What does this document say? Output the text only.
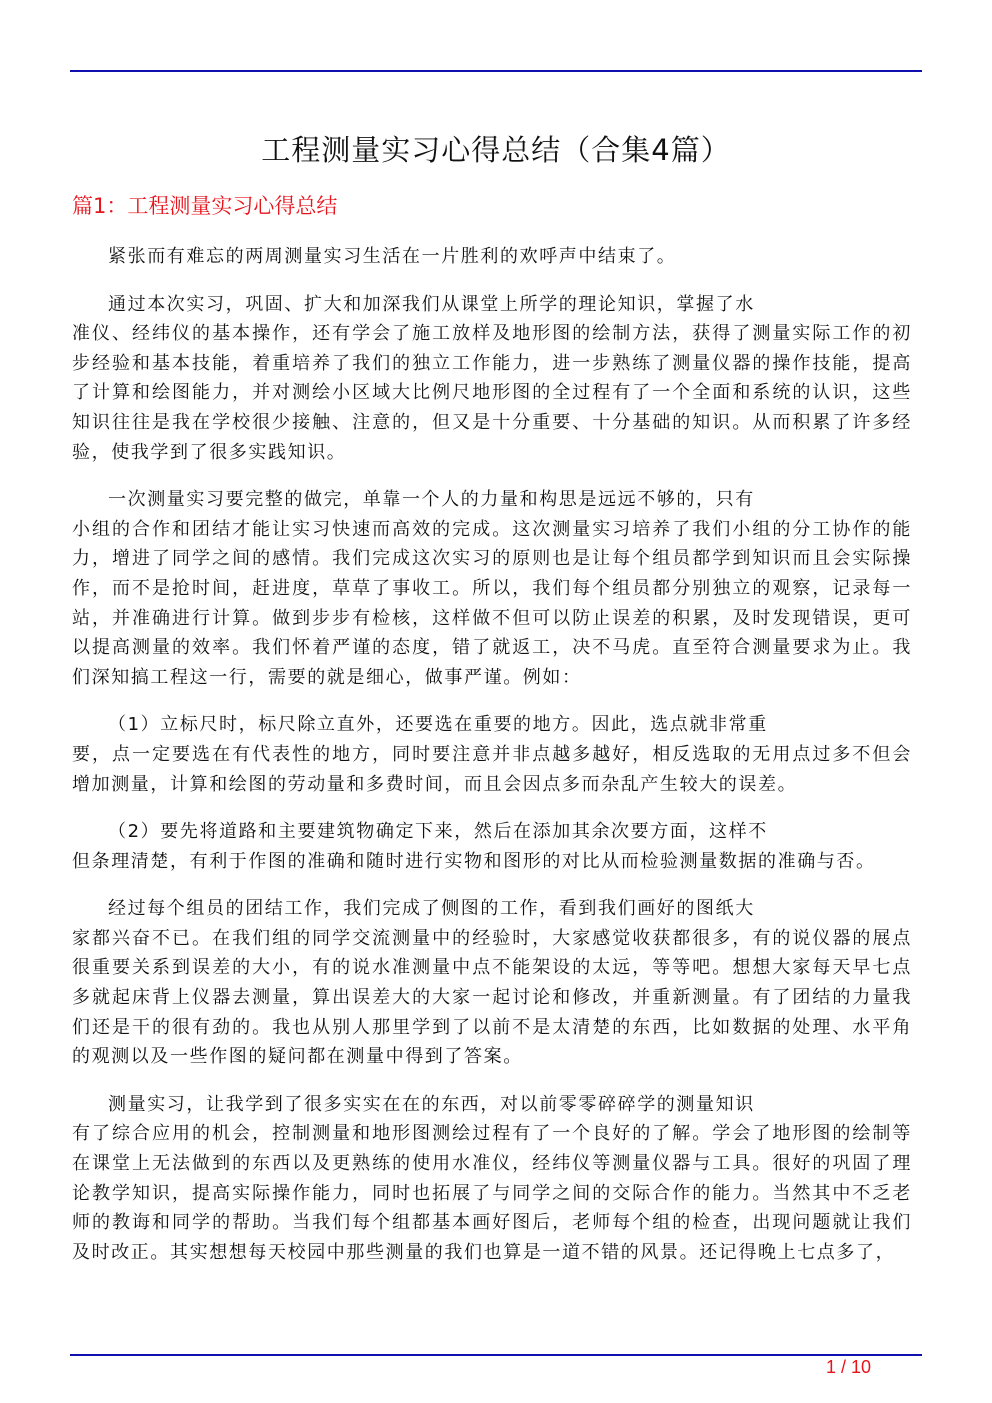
工程测量实习心得总结（合集4篇）
篇1：工程测量实习心得总结

紧张而有难忘的两周测量实习生活在一片胜利的欢呼声中结束了。

通过本次实习，巩固、扩大和加深我们从课堂上所学的理论知识，掌握了水
准仪、经纬仪的基本操作，还有学会了施工放样及地形图的绘制方法，获得了测量实际工作的初步经验和基本技能，着重培养了我们的独立工作能力，进一步熟练了测量仪器的操作技能，提高了计算和绘图能力，并对测绘小区域大比例尺地形图的全过程有了一个全面和系统的认识，这些知识往往是我在学校很少接触、注意的，但又是十分重要、十分基础的知识。从而积累了许多经验，使我学到了很多实践知识。

一次测量实习要完整的做完，单靠一个人的力量和构思是远远不够的，只有
小组的合作和团结才能让实习快速而高效的完成。这次测量实习培养了我们小组的分工协作的能力，增进了同学之间的感情。我们完成这次实习的原则也是让每个组员都学到知识而且会实际操作，而不是抢时间，赶进度，草草了事收工。所以，我们每个组员都分别独立的观察，记录每一站，并准确进行计算。做到步步有检核，这样做不但可以防止误差的积累，及时发现错误，更可以提高测量的效率。我们怀着严谨的态度，错了就返工，决不马虎。直至符合测量要求为止。我们深知搞工程这一行，需要的就是细心，做事严谨。例如：

（1）立标尺时，标尺除立直外，还要选在重要的地方。因此，选点就非常重
要，点一定要选在有代表性的地方，同时要注意并非点越多越好，相反选取的无用点过多不但会增加测量，计算和绘图的劳动量和多费时间，而且会因点多而杂乱产生较大的误差。

（2）要先将道路和主要建筑物确定下来，然后在添加其余次要方面，这样不
但条理清楚，有利于作图的准确和随时进行实物和图形的对比从而检验测量数据的准确与否。

经过每个组员的团结工作，我们完成了侧图的工作，看到我们画好的图纸大
家都兴奋不已。在我们组的同学交流测量中的经验时，大家感觉收获都很多，有的说仪器的展点很重要关系到误差的大小，有的说水准测量中点不能架设的太远，等等吧。想想大家每天早七点多就起床背上仪器去测量，算出误差大的大家一起讨论和修改，并重新测量。有了团结的力量我们还是干的很有劲的。我也从别人那里学到了以前不是太清楚的东西，比如数据的处理、水平角的观测以及一些作图的疑问都在测量中得到了答案。

测量实习，让我学到了很多实实在在的东西，对以前零零碎碎学的测量知识
有了综合应用的机会，控制测量和地形图测绘过程有了一个良好的了解。学会了地形图的绘制等在课堂上无法做到的东西以及更熟练的使用水准仪，经纬仪等测量仪器与工具。很好的巩固了理论教学知识，提高实际操作能力，同时也拓展了与同学之间的交际合作的能力。当然其中不乏老师的教诲和同学的帮助。当我们每个组都基本画好图后，老师每个组的检查，出现问题就让我们及时改正。其实想想每天校园中那些测量的我们也算是一道不错的风景。还记得晚上七点多了，

1 / 10
